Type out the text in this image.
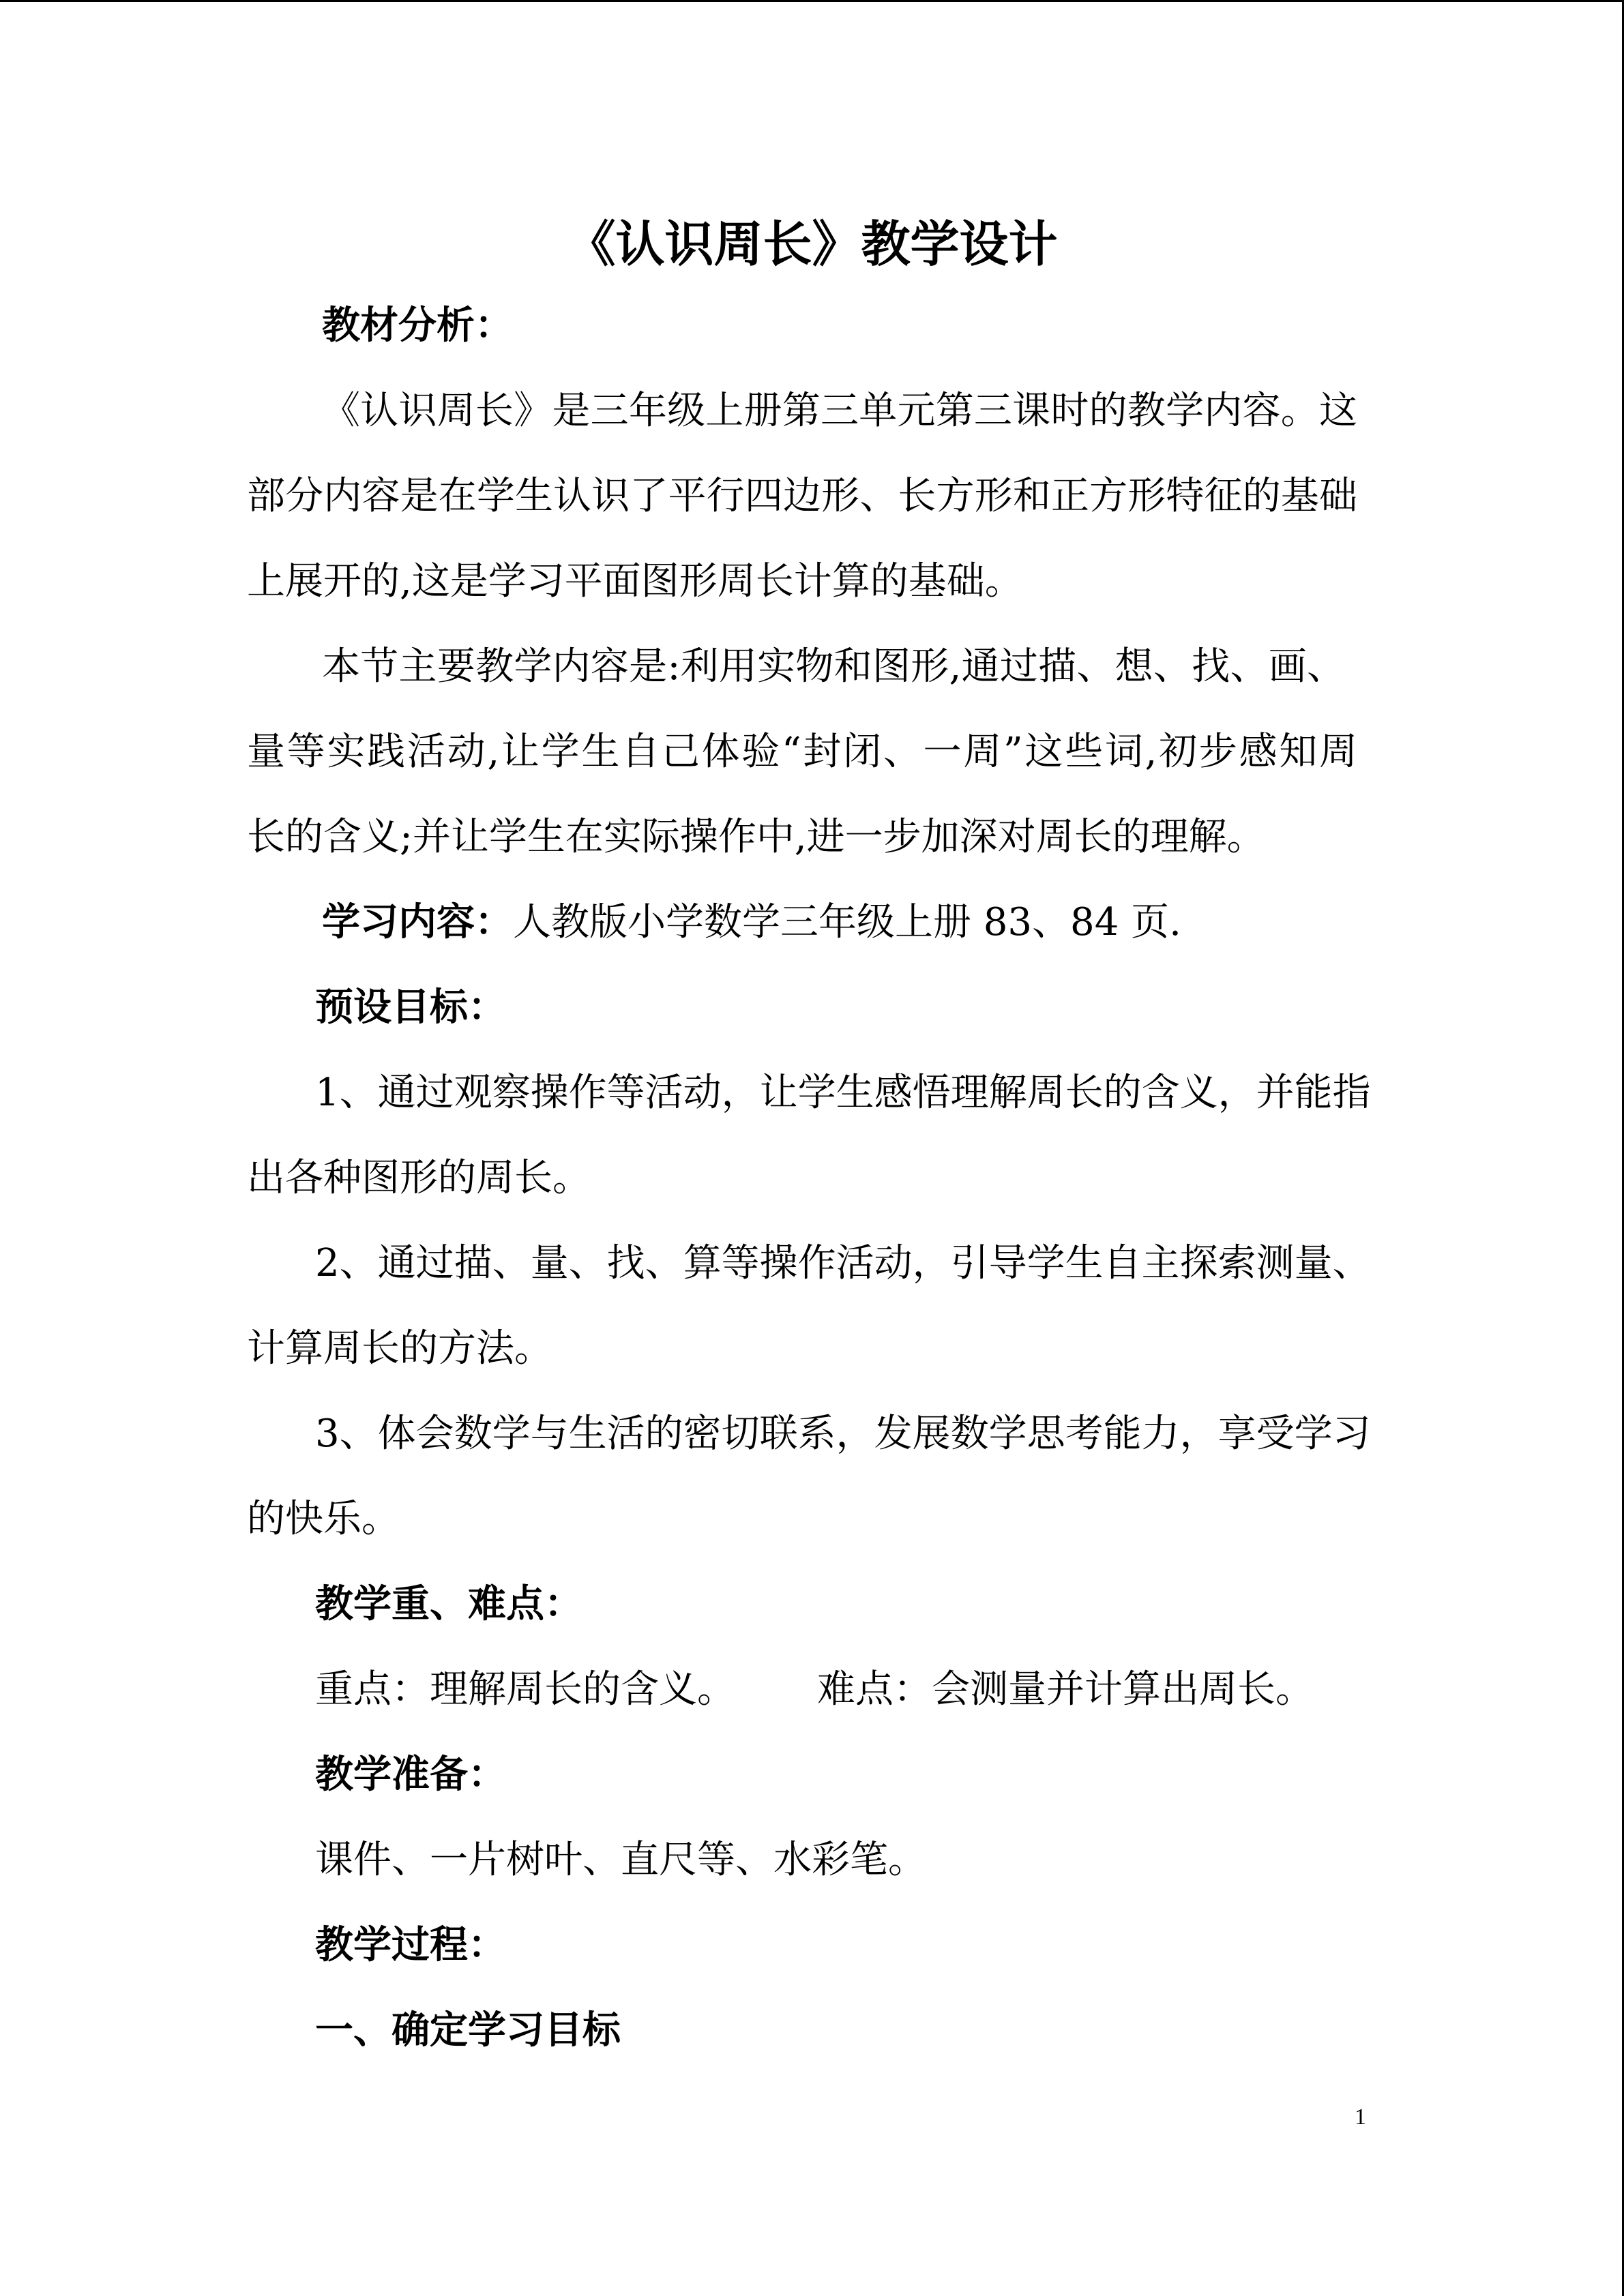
《认识周长》教学设计

教材分析：

《认识周长》是三年级上册第三单元第三课时的教学内容。这

部分内容是在学生认识了平行四边形、长方形和正方形特征的基础

上展开的,这是学习平面图形周长计算的基础。

本节主要教学内容是:利用实物和图形,通过描、想、找、画、

量等实践活动,让学生自己体验“封闭、一周”这些词,初步感知周

长的含义;并让学生在实际操作中,进一步加深对周长的理解。

学习内容：人教版小学数学三年级上册 83、84 页.

预设目标：

1、通过观察操作等活动，让学生感悟理解周长的含义，并能指

出各种图形的周长。

2、通过描、量、找、算等操作活动，引导学生自主探索测量、

计算周长的方法。

3、体会数学与生活的密切联系，发展数学思考能力，享受学习

的快乐。

教学重、难点：

重点：理解周长的含义。 难点：会测量并计算出周长。

教学准备：

课件、一片树叶、直尺等、水彩笔。

教学过程：

一、确定学习目标

1
